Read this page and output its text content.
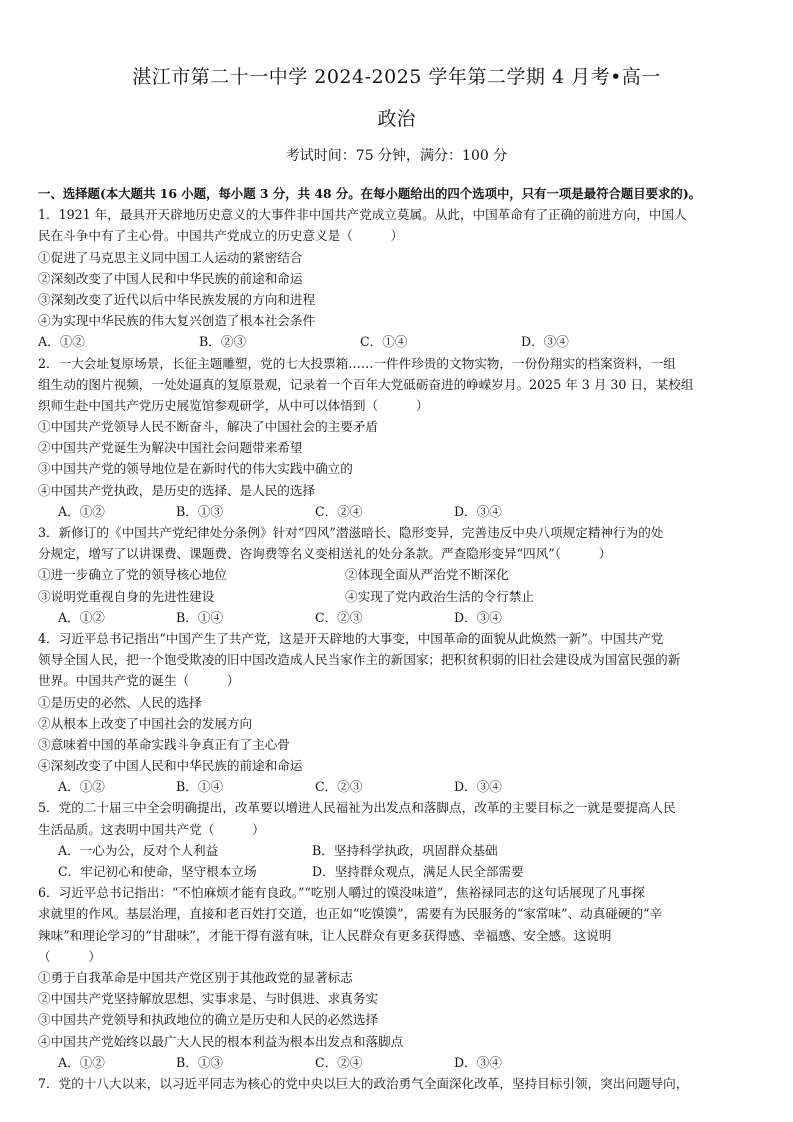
湛江市第二十一中学 2024-2025 学年第二学期 4 月考•高一
政治
考试时间：75 分钟，满分：100 分
一、选择题(本大题共 16 小题，每小题 3 分，共 48 分。在每小题给出的四个选项中，只有一项是最符合题目要求的)。
1．1921 年，最具开天辟地历史意义的大事件非中国共产党成立莫属。从此，中国革命有了正确的前进方向，中国人
民在斗争中有了主心骨。中国共产党成立的历史意义是（　　　）
①促进了马克思主义同中国工人运动的紧密结合
②深刻改变了中国人民和中华民族的前途和命运
③深刻改变了近代以后中华民族发展的方向和进程
④为实现中华民族的伟大复兴创造了根本社会条件
A．①②	B．②③	C．①④	D．③④
2．一大会址复原场景，长征主题雕塑，党的七大投票箱……一件件珍贵的文物实物，一份份翔实的档案资料，一组
组生动的图片视频，一处处逼真的复原景观，记录着一个百年大党砥砺奋进的峥嵘岁月。2025 年 3 月 30 日，某校组
织师生赴中国共产党历史展览馆参观研学，从中可以体悟到（　　　）
①中国共产党领导人民不断奋斗，解决了中国社会的主要矛盾
②中国共产党诞生为解决中国社会问题带来希望
③中国共产党的领导地位是在新时代的伟大实践中确立的
④中国共产党执政，是历史的选择、是人民的选择
A．①②	B．①③	C．②④	D．③④
3．新修订的《中国共产党纪律处分条例》针对“四风”潜滋暗长、隐形变异，完善违反中央八项规定精神行为的处
分规定，增写了以讲课费、课题费、咨询费等名义变相送礼的处分条款。严查隐形变异“四风”（　　　）
①进一步确立了党的领导核心地位	②体现全面从严治党不断深化
③说明党重视自身的先进性建设	④实现了党内政治生活的令行禁止
A．①②	B．①④	C．②③	D．③④
4．习近平总书记指出“中国产生了共产党，这是开天辟地的大事变，中国革命的面貌从此焕然一新”。中国共产党
领导全国人民，把一个饱受欺凌的旧中国改造成人民当家作主的新国家；把积贫积弱的旧社会建设成为国富民强的新
世界。中国共产党的诞生（　　　）
①是历史的必然、人民的选择
②从根本上改变了中国社会的发展方向
③意味着中国的革命实践斗争真正有了主心骨
④深刻改变了中国人民和中华民族的前途和命运
A．①②	B．①④	C．②③	D．③④
5．党的二十届三中全会明确提出，改革要以增进人民福祉为出发点和落脚点，改革的主要目标之一就是要提高人民
生活品质。这表明中国共产党（　　　）
A．一心为公，反对个人利益	B．坚持科学执政，巩固群众基础
C．牢记初心和使命，坚守根本立场	D．坚持群众观点，满足人民全部需要
6．习近平总书记指出：“不怕麻烦才能有良政。”“吃别人嚼过的馍没味道”，焦裕禄同志的这句话展现了凡事探
求就里的作风。基层治理，直接和老百姓打交道，也正如“吃馍馍”，需要有为民服务的“家常味”、动真碰硬的“辛
辣味”和理论学习的“甘甜味”，才能干得有滋有味，让人民群众有更多获得感、幸福感、安全感。这说明
（　　　）
①勇于自我革命是中国共产党区别于其他政党的显著标志
②中国共产党坚持解放思想、实事求是、与时俱进、求真务实
③中国共产党领导和执政地位的确立是历史和人民的必然选择
④中国共产党始终以最广大人民的根本利益为根本出发点和落脚点
A．①②	B．①③	C．②④	D．③④
7．党的十八大以来，以习近平同志为核心的党中央以巨大的政治勇气全面深化改革，坚持目标引领，突出问题导向，
